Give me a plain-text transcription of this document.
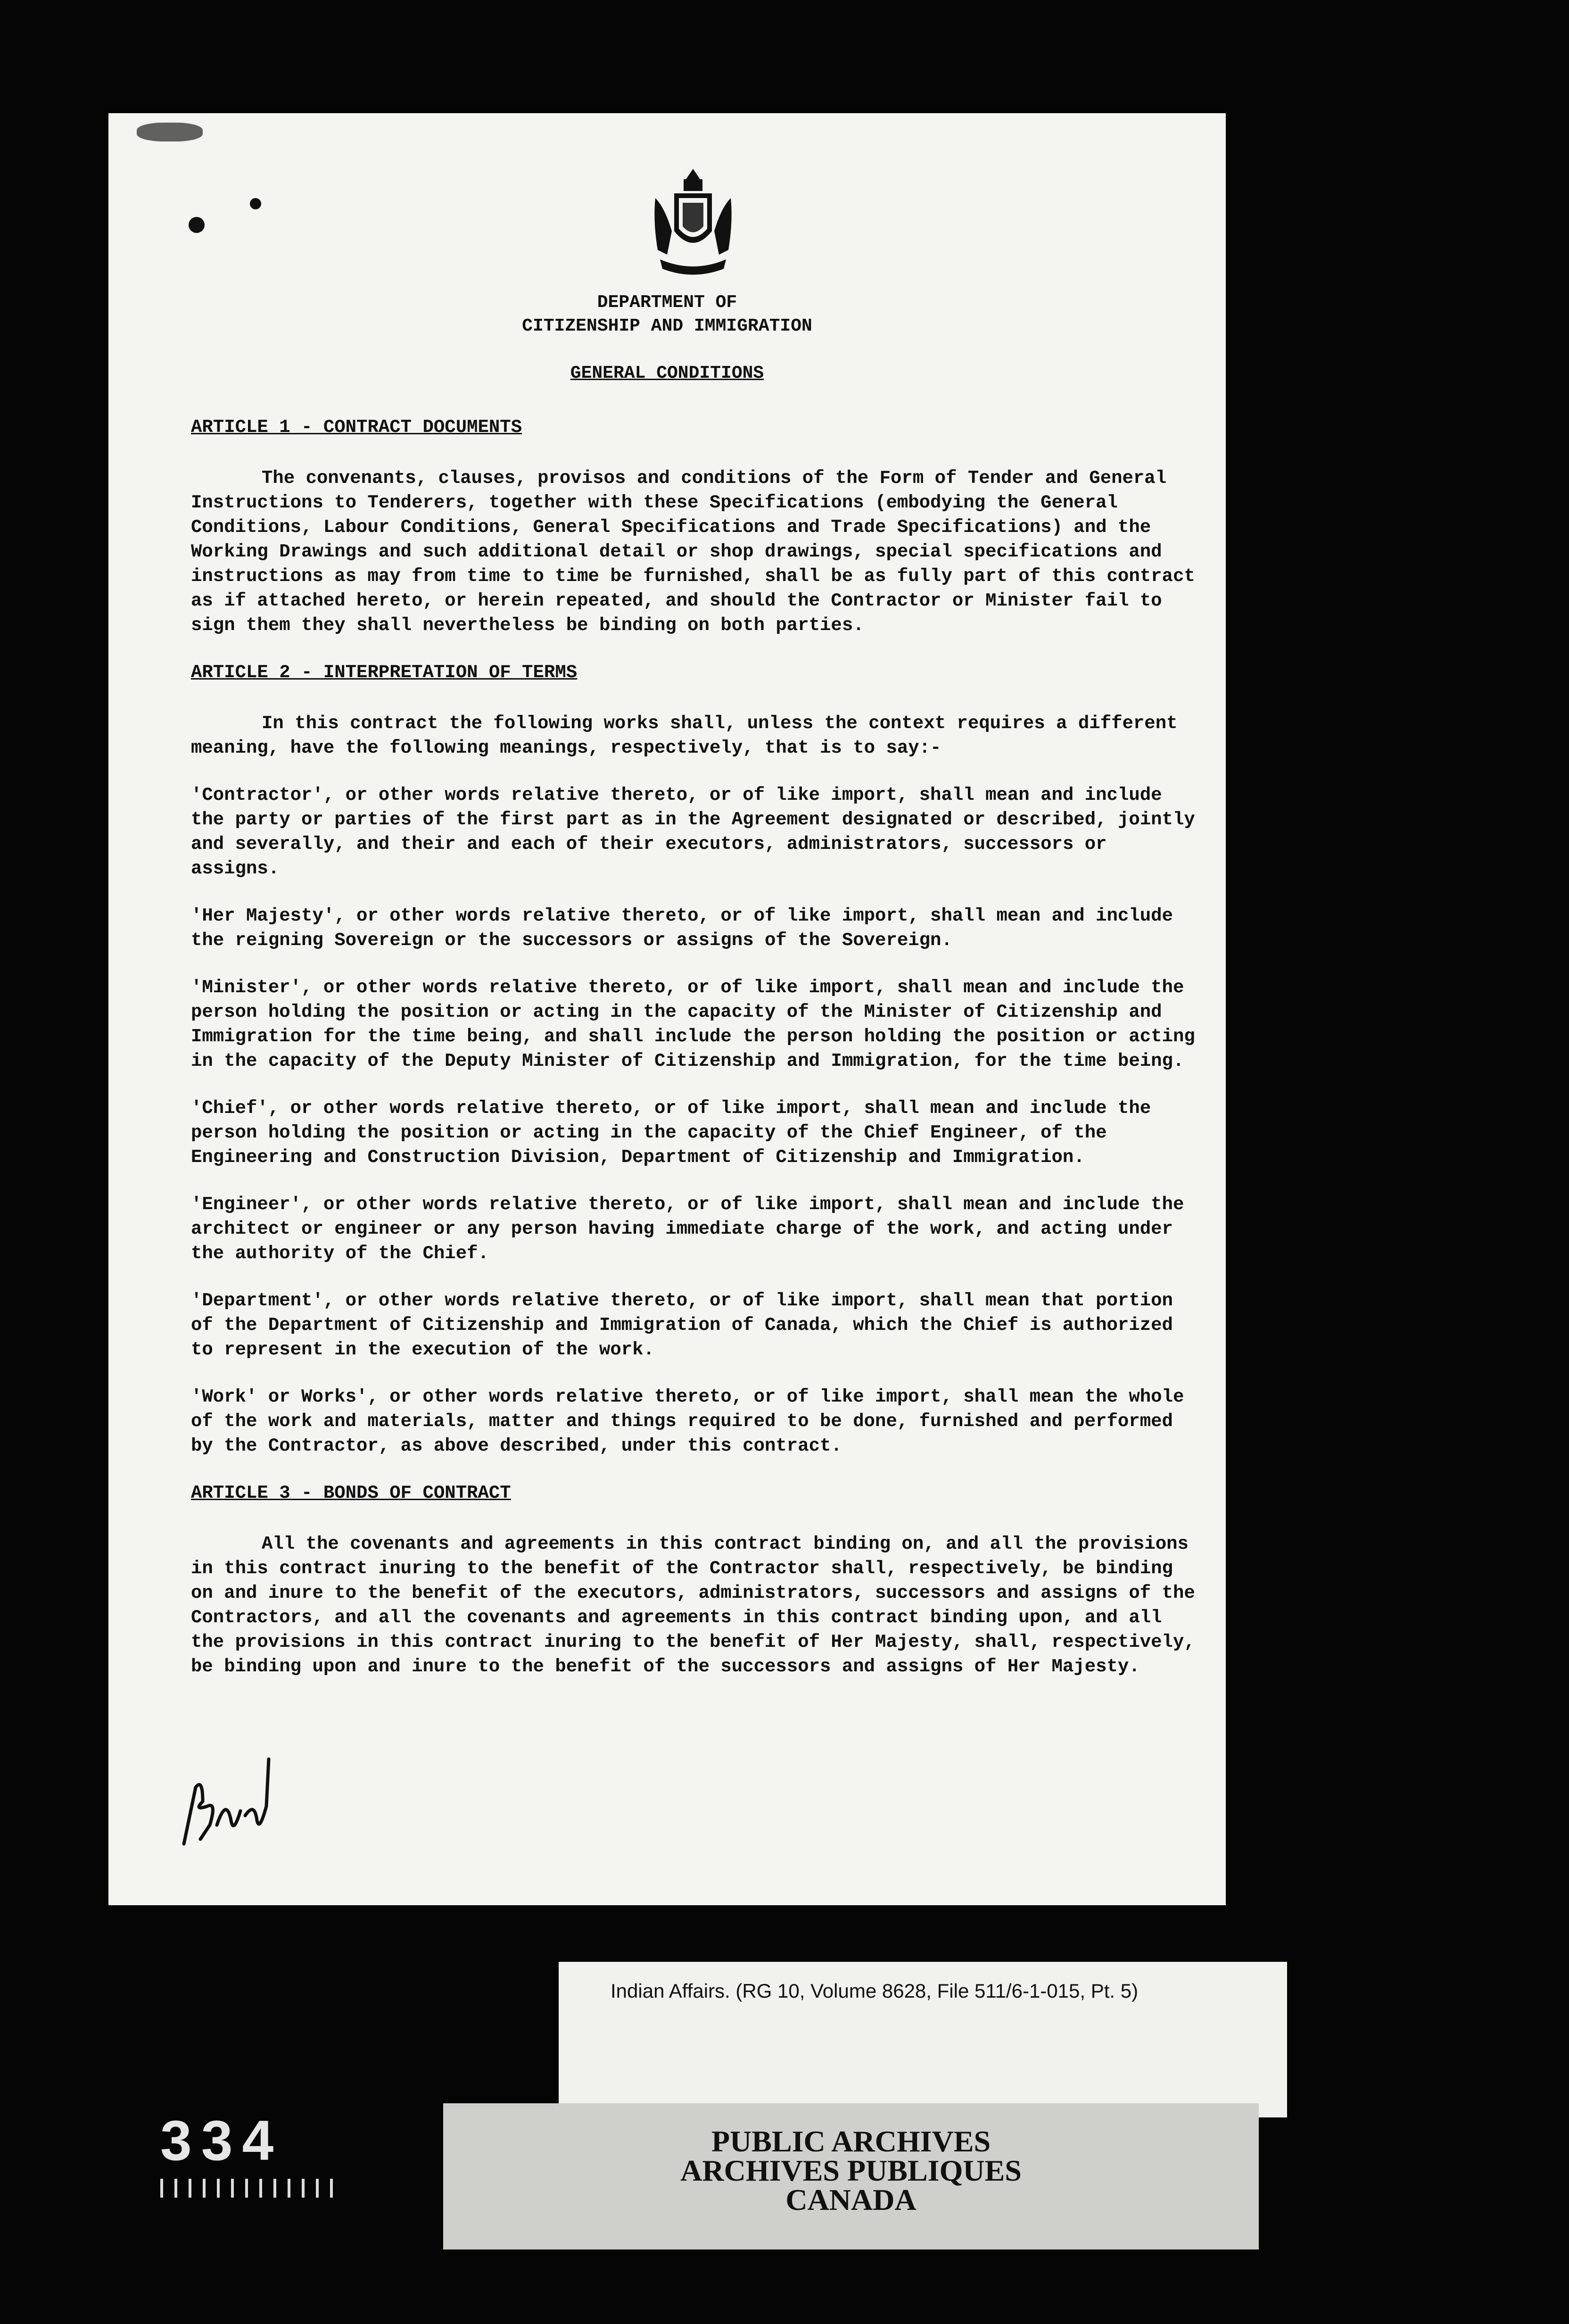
DEPARTMENT OF
CITIZENSHIP AND IMMIGRATION
GENERAL CONDITIONS
ARTICLE 1 - CONTRACT DOCUMENTS

The convenants, clauses, provisos and conditions of the Form of Tender and General Instructions to Tenderers, together with these Specifications (embodying the General Conditions, Labour Conditions, General Specifications and Trade Specifications) and the Working Drawings and such additional detail or shop drawings, special specifications and instructions as may from time to time be furnished, shall be as fully part of this contract as if attached hereto, or herein repeated, and should the Contractor or Minister fail to sign them they shall nevertheless be binding on both parties.

ARTICLE 2 - INTERPRETATION OF TERMS

In this contract the following works shall, unless the context requires a different meaning, have the following meanings, respectively, that is to say:-

'Contractor', or other words relative thereto, or of like import, shall mean and include the party or parties of the first part as in the Agreement designated or described, jointly and severally, and their and each of their executors, administrators, successors or assigns.

'Her Majesty', or other words relative thereto, or of like import, shall mean and include the reigning Sovereign or the successors or assigns of the Sovereign.

'Minister', or other words relative thereto, or of like import, shall mean and include the person holding the position or acting in the capacity of the Minister of Citizenship and Immigration for the time being, and shall include the person holding the position or acting in the capacity of the Deputy Minister of Citizenship and Immigration, for the time being.

'Chief', or other words relative thereto, or of like import, shall mean and include the person holding the position or acting in the capacity of the Chief Engineer, of the Engineering and Construction Division, Department of Citizenship and Immigration.

'Engineer', or other words relative thereto, or of like import, shall mean and include the architect or engineer or any person having immediate charge of the work, and acting under the authority of the Chief.

'Department', or other words relative thereto, or of like import, shall mean that portion of the Department of Citizenship and Immigration of Canada, which the Chief is authorized to represent in the execution of the work.

'Work' or Works', or other words relative thereto, or of like import, shall mean the whole of the work and materials, matter and things required to be done, furnished and performed by the Contractor, as above described, under this contract.

ARTICLE 3 - BONDS OF CONTRACT

All the covenants and agreements in this contract binding on, and all the provisions in this contract inuring to the benefit of the Contractor shall, respectively, be binding on and inure to the benefit of the executors, administrators, successors and assigns of the Contractors, and all the covenants and agreements in this contract binding upon, and all the provisions in this contract inuring to the benefit of Her Majesty, shall, respectively, be binding upon and inure to the benefit of the successors and assigns of Her Majesty.

Indian Affairs. (RG 10, Volume 8628, File 511/6-1-015, Pt. 5)
PUBLIC ARCHIVES
ARCHIVES PUBLIQUES
CANADA
334
